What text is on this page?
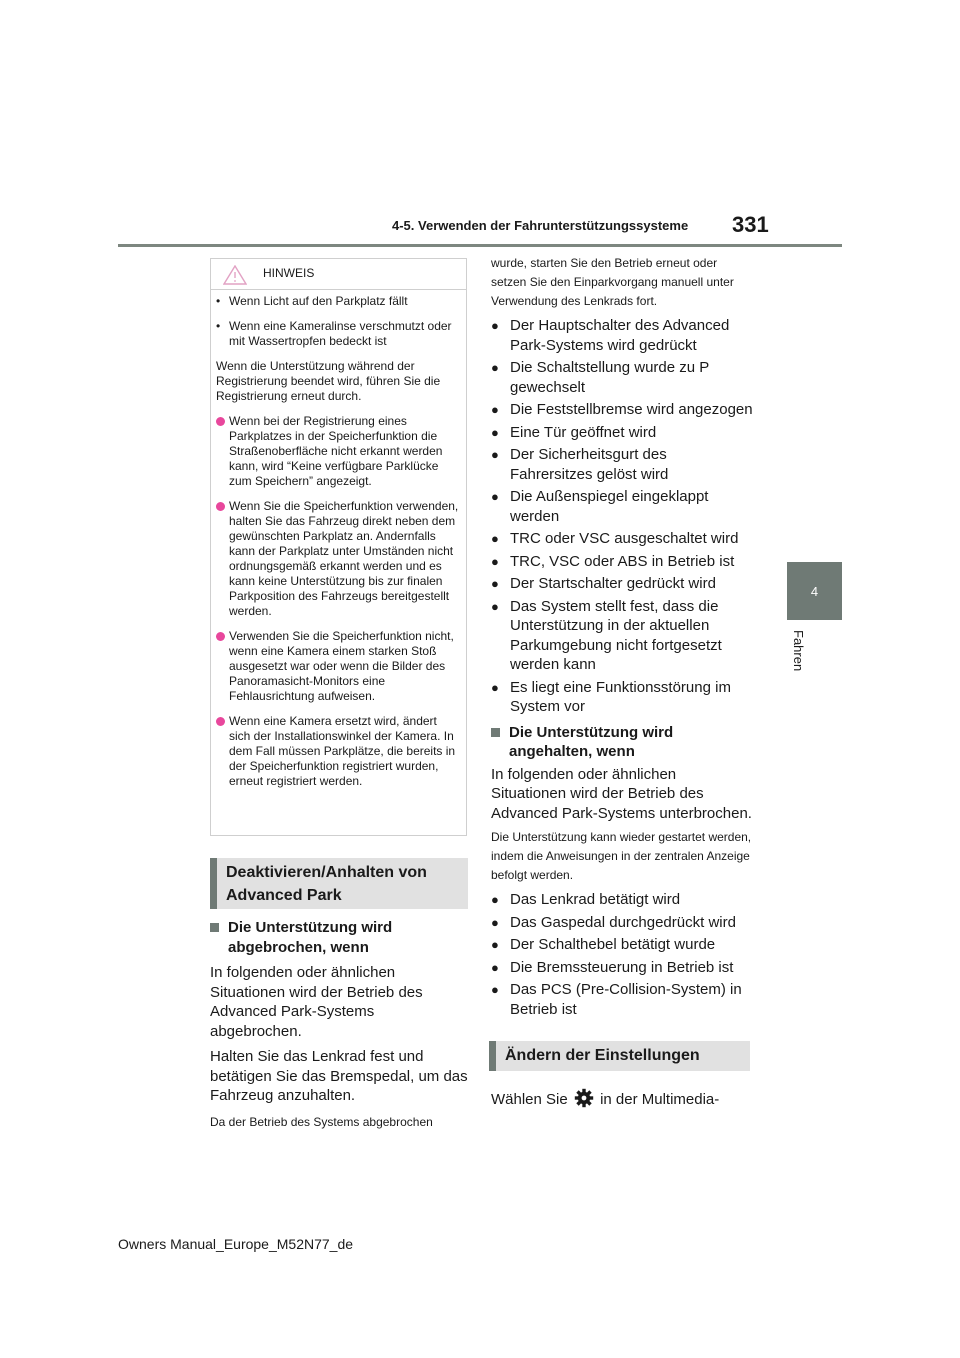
4-5. Verwenden der Fahrunterstützungssysteme 331
4
Fahren
HINWEIS
• Wenn Licht auf den Parkplatz fällt
• Wenn eine Kameralinse verschmutzt oder mit Wassertropfen bedeckt ist

Wenn die Unterstützung während der Registrierung beendet wird, führen Sie die Registrierung erneut durch.

Wenn bei der Registrierung eines Parkplatzes in der Speicherfunktion die Straßenoberfläche nicht erkannt werden kann, wird “Keine verfügbare Parklücke zum Speichern” angezeigt.
Wenn Sie die Speicherfunktion verwenden, halten Sie das Fahrzeug direkt neben dem gewünschten Parkplatz an. Andernfalls kann der Parkplatz unter Umständen nicht ordnungsgemäß erkannt werden und es kann keine Unterstützung bis zur finalen Parkposition des Fahrzeugs bereitgestellt werden.
Verwenden Sie die Speicherfunktion nicht, wenn eine Kamera einem starken Stoß ausgesetzt war oder wenn die Bilder des Panoramasicht-Monitors eine Fehlausrichtung aufweisen.
Wenn eine Kamera ersetzt wird, ändert sich der Installationswinkel der Kamera. In dem Fall müssen Parkplätze, die bereits in der Speicherfunktion registriert wurden, erneut registriert werden.
Deaktivieren/Anhalten von Advanced Park
Die Unterstützung wird abgebrochen, wenn

In folgenden oder ähnlichen Situationen wird der Betrieb des Advanced Park-Systems abgebrochen.

Halten Sie das Lenkrad fest und betätigen Sie das Bremspedal, um das Fahrzeug anzuhalten.

Da der Betrieb des Systems abgebrochen

wurde, starten Sie den Betrieb erneut oder setzen Sie den Einparkvorgang manuell unter Verwendung des Lenkrads fort.

● Der Hauptschalter des Advanced Park-Systems wird gedrückt
● Die Schaltstellung wurde zu P gewechselt
● Die Feststellbremse wird angezogen
● Eine Tür geöffnet wird
● Der Sicherheitsgurt des Fahrersitzes gelöst wird
● Die Außenspiegel eingeklappt werden
● TRC oder VSC ausgeschaltet wird
● TRC, VSC oder ABS in Betrieb ist
● Der Startschalter gedrückt wird
● Das System stellt fest, dass die Unterstützung in der aktuellen Parkumgebung nicht fortgesetzt werden kann
● Es liegt eine Funktionsstörung im System vor
Die Unterstützung wird angehalten, wenn

In folgenden oder ähnlichen Situationen wird der Betrieb des Advanced Park-Systems unterbrochen.

Die Unterstützung kann wieder gestartet werden, indem die Anweisungen in der zentralen Anzeige befolgt werden.

● Das Lenkrad betätigt wird
● Das Gaspedal durchgedrückt wird
● Der Schalthebel betätigt wurde
● Die Bremssteuerung in Betrieb ist
● Das PCS (Pre-Collision-System) in Betrieb ist
Ändern der Einstellungen
Wählen Sie in der Multimedia-
Owners Manual_Europe_M52N77_de
